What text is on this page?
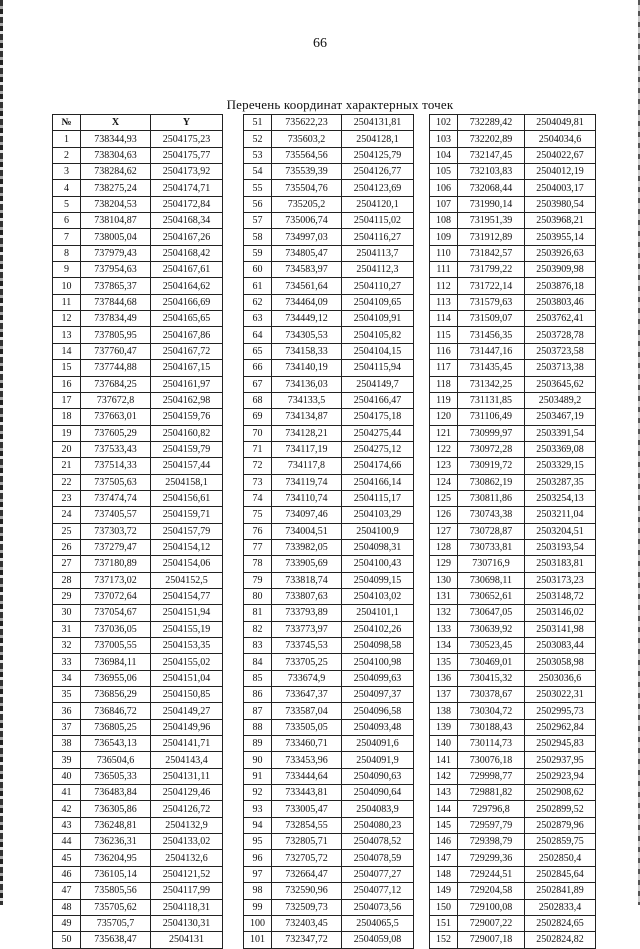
66
Перечень координат характерных точек
№	X	Y
1	738344,93	2504175,23
2	738304,63	2504175,77
3	738284,62	2504173,92
4	738275,24	2504174,71
5	738204,53	2504172,84
6	738104,87	2504168,34
7	738005,04	2504167,26
8	737979,43	2504168,42
9	737954,63	2504167,61
10	737865,37	2504164,62
11	737844,68	2504166,69
12	737834,49	2504165,65
13	737805,95	2504167,86
14	737760,47	2504167,72
15	737744,88	2504167,15
16	737684,25	2504161,97
17	737672,8	2504162,98
18	737663,01	2504159,76
19	737605,29	2504160,82
20	737533,43	2504159,79
21	737514,33	2504157,44
22	737505,63	2504158,1
23	737474,74	2504156,61
24	737405,57	2504159,71
25	737303,72	2504157,79
26	737279,47	2504154,12
27	737180,89	2504154,06
28	737173,02	2504152,5
29	737072,64	2504154,77
30	737054,67	2504151,94
31	737036,05	2504155,19
32	737005,55	2504153,35
33	736984,11	2504155,02
34	736955,06	2504151,04
35	736856,29	2504150,85
36	736846,72	2504149,27
37	736805,25	2504149,96
38	736543,13	2504141,71
39	736504,6	2504143,4
40	736505,33	2504131,11
41	736483,84	2504129,46
42	736305,86	2504126,72
43	736248,81	2504132,9
44	736236,31	2504133,02
45	736204,95	2504132,6
46	736105,14	2504121,52
47	735805,56	2504117,99
48	735705,62	2504118,31
49	735705,7	2504130,31
50	735638,47	2504131
51	735622,23	2504131,81
52	735603,2	2504128,1
53	735564,56	2504125,79
54	735539,39	2504126,77
55	735504,76	2504123,69
56	735205,2	2504120,1
57	735006,74	2504115,02
58	734997,03	2504116,27
59	734805,47	2504113,7
60	734583,97	2504112,3
61	734561,64	2504110,27
62	734464,09	2504109,65
63	734449,12	2504109,91
64	734305,53	2504105,82
65	734158,33	2504104,15
66	734140,19	2504115,94
67	734136,03	2504149,7
68	734133,5	2504166,47
69	734134,87	2504175,18
70	734128,21	2504275,44
71	734117,19	2504275,12
72	734117,8	2504174,66
73	734119,74	2504166,14
74	734110,74	2504115,17
75	734097,46	2504103,29
76	734004,51	2504100,9
77	733982,05	2504098,31
78	733905,69	2504100,43
79	733818,74	2504099,15
80	733807,63	2504103,02
81	733793,89	2504101,1
82	733773,97	2504102,26
83	733745,53	2504098,58
84	733705,25	2504100,98
85	733674,9	2504099,63
86	733647,37	2504097,37
87	733587,04	2504096,58
88	733505,05	2504093,48
89	733460,71	2504091,6
90	733453,96	2504091,9
91	733444,64	2504090,63
92	733443,81	2504090,64
93	733005,47	2504083,9
94	732854,55	2504080,23
95	732805,71	2504078,52
96	732705,72	2504078,59
97	732664,47	2504077,27
98	732590,96	2504077,12
99	732509,73	2504073,56
100	732403,45	2504065,5
101	732347,72	2504059,08
102	732289,42	2504049,81
103	732202,89	2504034,6
104	732147,45	2504022,67
105	732103,83	2504012,19
106	732068,44	2504003,17
107	731990,14	2503980,54
108	731951,39	2503968,21
109	731912,89	2503955,14
110	731842,57	2503926,63
111	731799,22	2503909,98
112	731722,14	2503876,18
113	731579,63	2503803,46
114	731509,07	2503762,41
115	731456,35	2503728,78
116	731447,16	2503723,58
117	731435,45	2503713,38
118	731342,25	2503645,62
119	731131,85	2503489,2
120	731106,49	2503467,19
121	730999,97	2503391,54
122	730972,28	2503369,08
123	730919,72	2503329,15
124	730862,19	2503287,35
125	730811,86	2503254,13
126	730743,38	2503211,04
127	730728,87	2503204,51
128	730733,81	2503193,54
129	730716,9	2503183,81
130	730698,11	2503173,23
131	730652,61	2503148,72
132	730647,05	2503146,02
133	730639,92	2503141,98
134	730523,45	2503083,44
135	730469,01	2503058,98
136	730415,32	2503036,6
137	730378,67	2503022,31
138	730304,72	2502995,73
139	730188,43	2502962,84
140	730114,73	2502945,83
141	730076,18	2502937,95
142	729998,77	2502923,94
143	729881,82	2502908,62
144	729796,8	2502899,52
145	729597,79	2502879,96
146	729398,79	2502859,75
147	729299,36	2502850,4
148	729244,51	2502845,64
149	729204,58	2502841,89
150	729100,08	2502833,4
151	729007,22	2502824,65
152	729007,18	2502824,82
